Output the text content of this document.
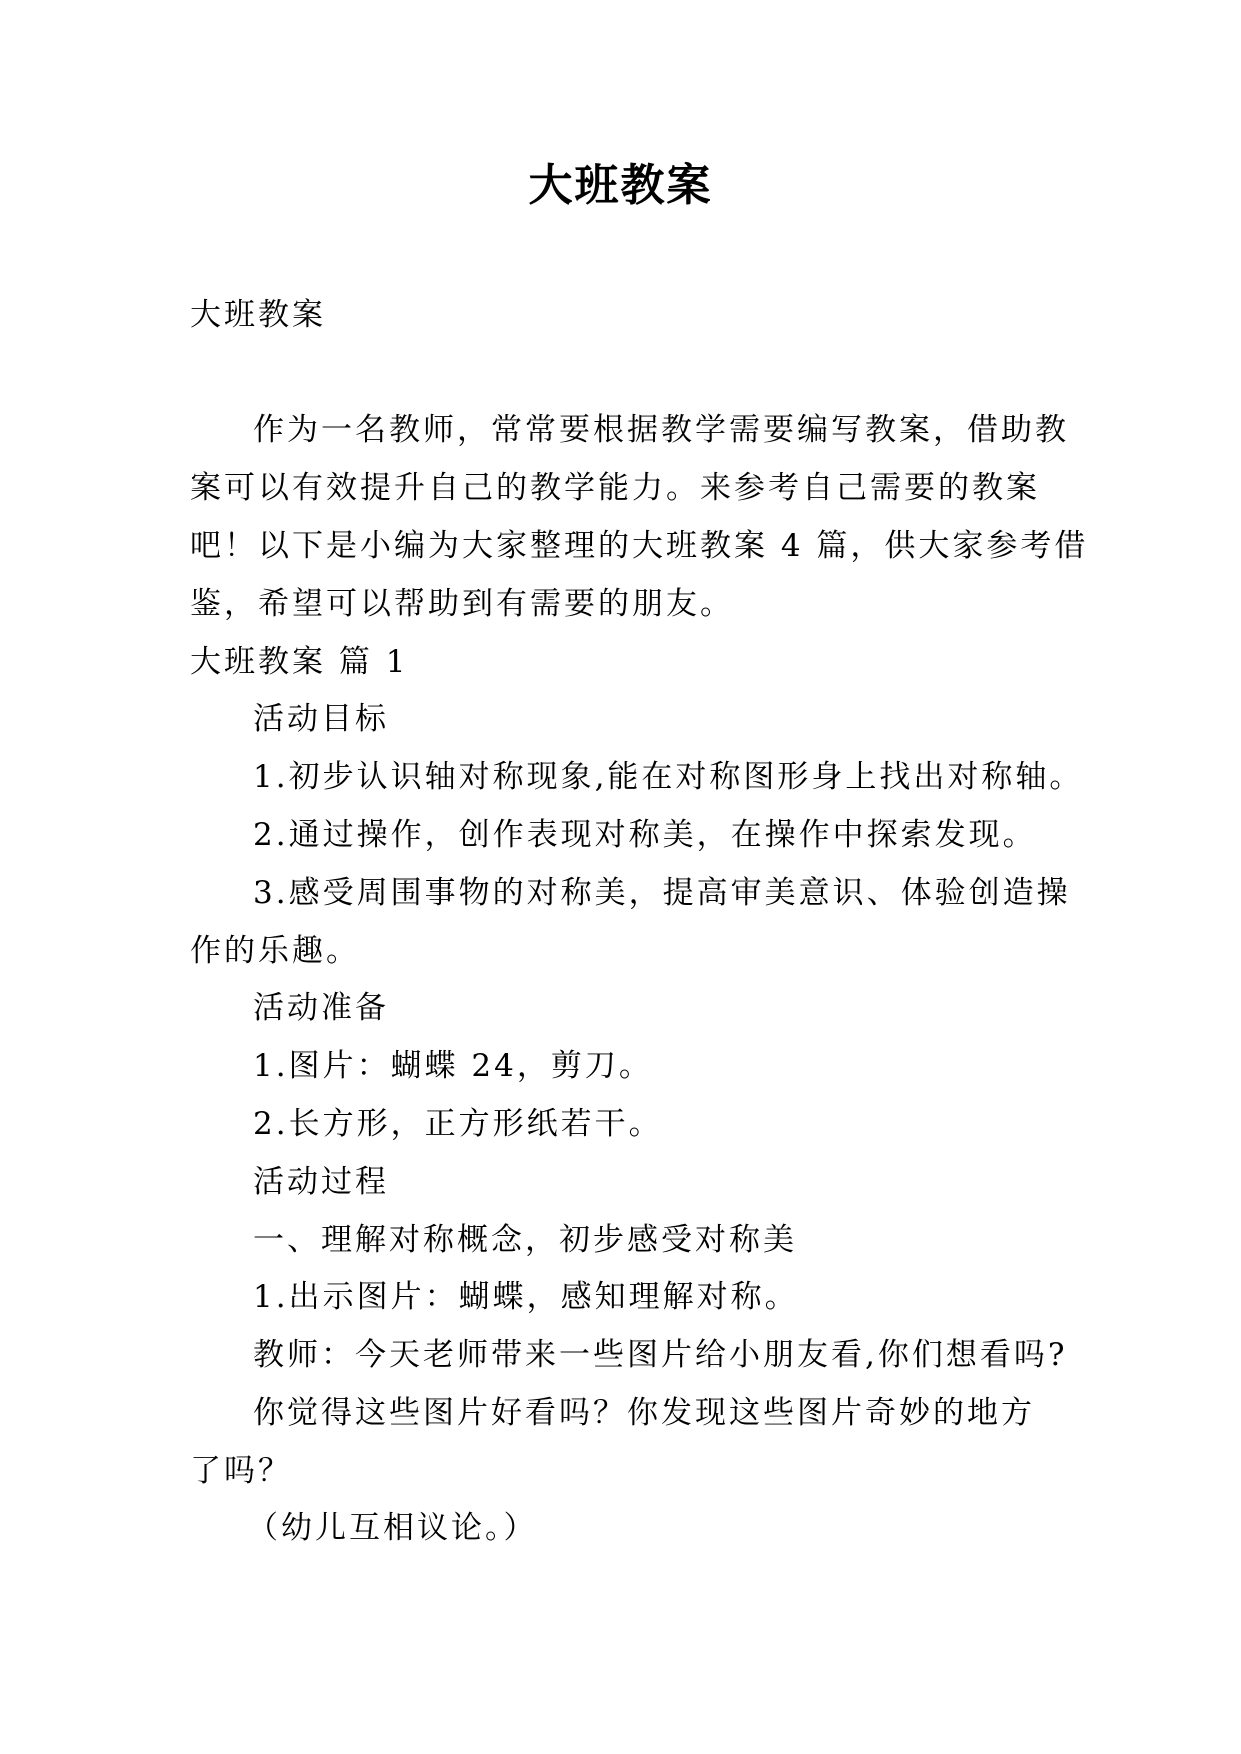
大班教案

大班教案

作为一名教师，常常要根据教学需要编写教案，借助教

案可以有效提升自己的教学能力。来参考自己需要的教案

吧！以下是小编为大家整理的大班教案 4 篇，供大家参考借

鉴，希望可以帮助到有需要的朋友。

大班教案 篇 1

活动目标

1.初步认识轴对称现象,能在对称图形身上找出对称轴。

2.通过操作，创作表现对称美，在操作中探索发现。

3.感受周围事物的对称美，提高审美意识、体验创造操

作的乐趣。

活动准备

1.图片：蝴蝶 24，剪刀。

2.长方形，正方形纸若干。

活动过程

一、理解对称概念，初步感受对称美

1.出示图片：蝴蝶，感知理解对称。

教师：今天老师带来一些图片给小朋友看,你们想看吗?

你觉得这些图片好看吗？你发现这些图片奇妙的地方

了吗？

（幼儿互相议论。）
